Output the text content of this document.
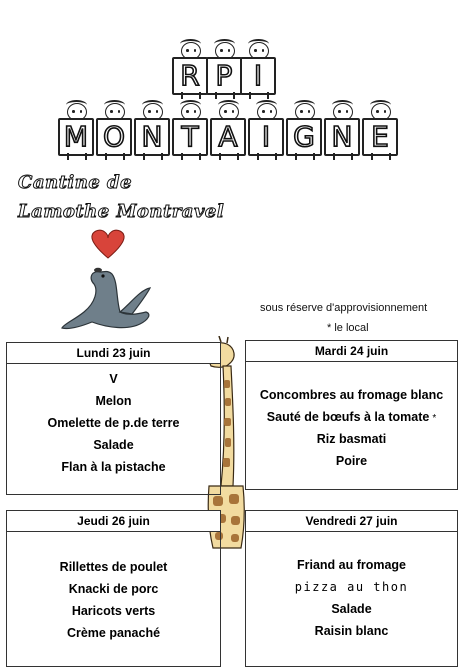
R P I
M O N T A I G N E
Cantine de
Lamothe Montravel
sous réserve d'approvisionnement
* le local
Lundi 23 juin
V
Melon
Omelette de p.de terre
Salade
Flan à la pistache
Mardi 24 juin
Concombres au fromage blanc
Sauté de bœufs à la tomate *
Riz basmati
Poire
Jeudi 26 juin
Rillettes de poulet
Knacki de porc
Haricots verts
Crème panaché
Vendredi 27 juin
Friand au fromage
pizza au thon
Salade
Raisin blanc
